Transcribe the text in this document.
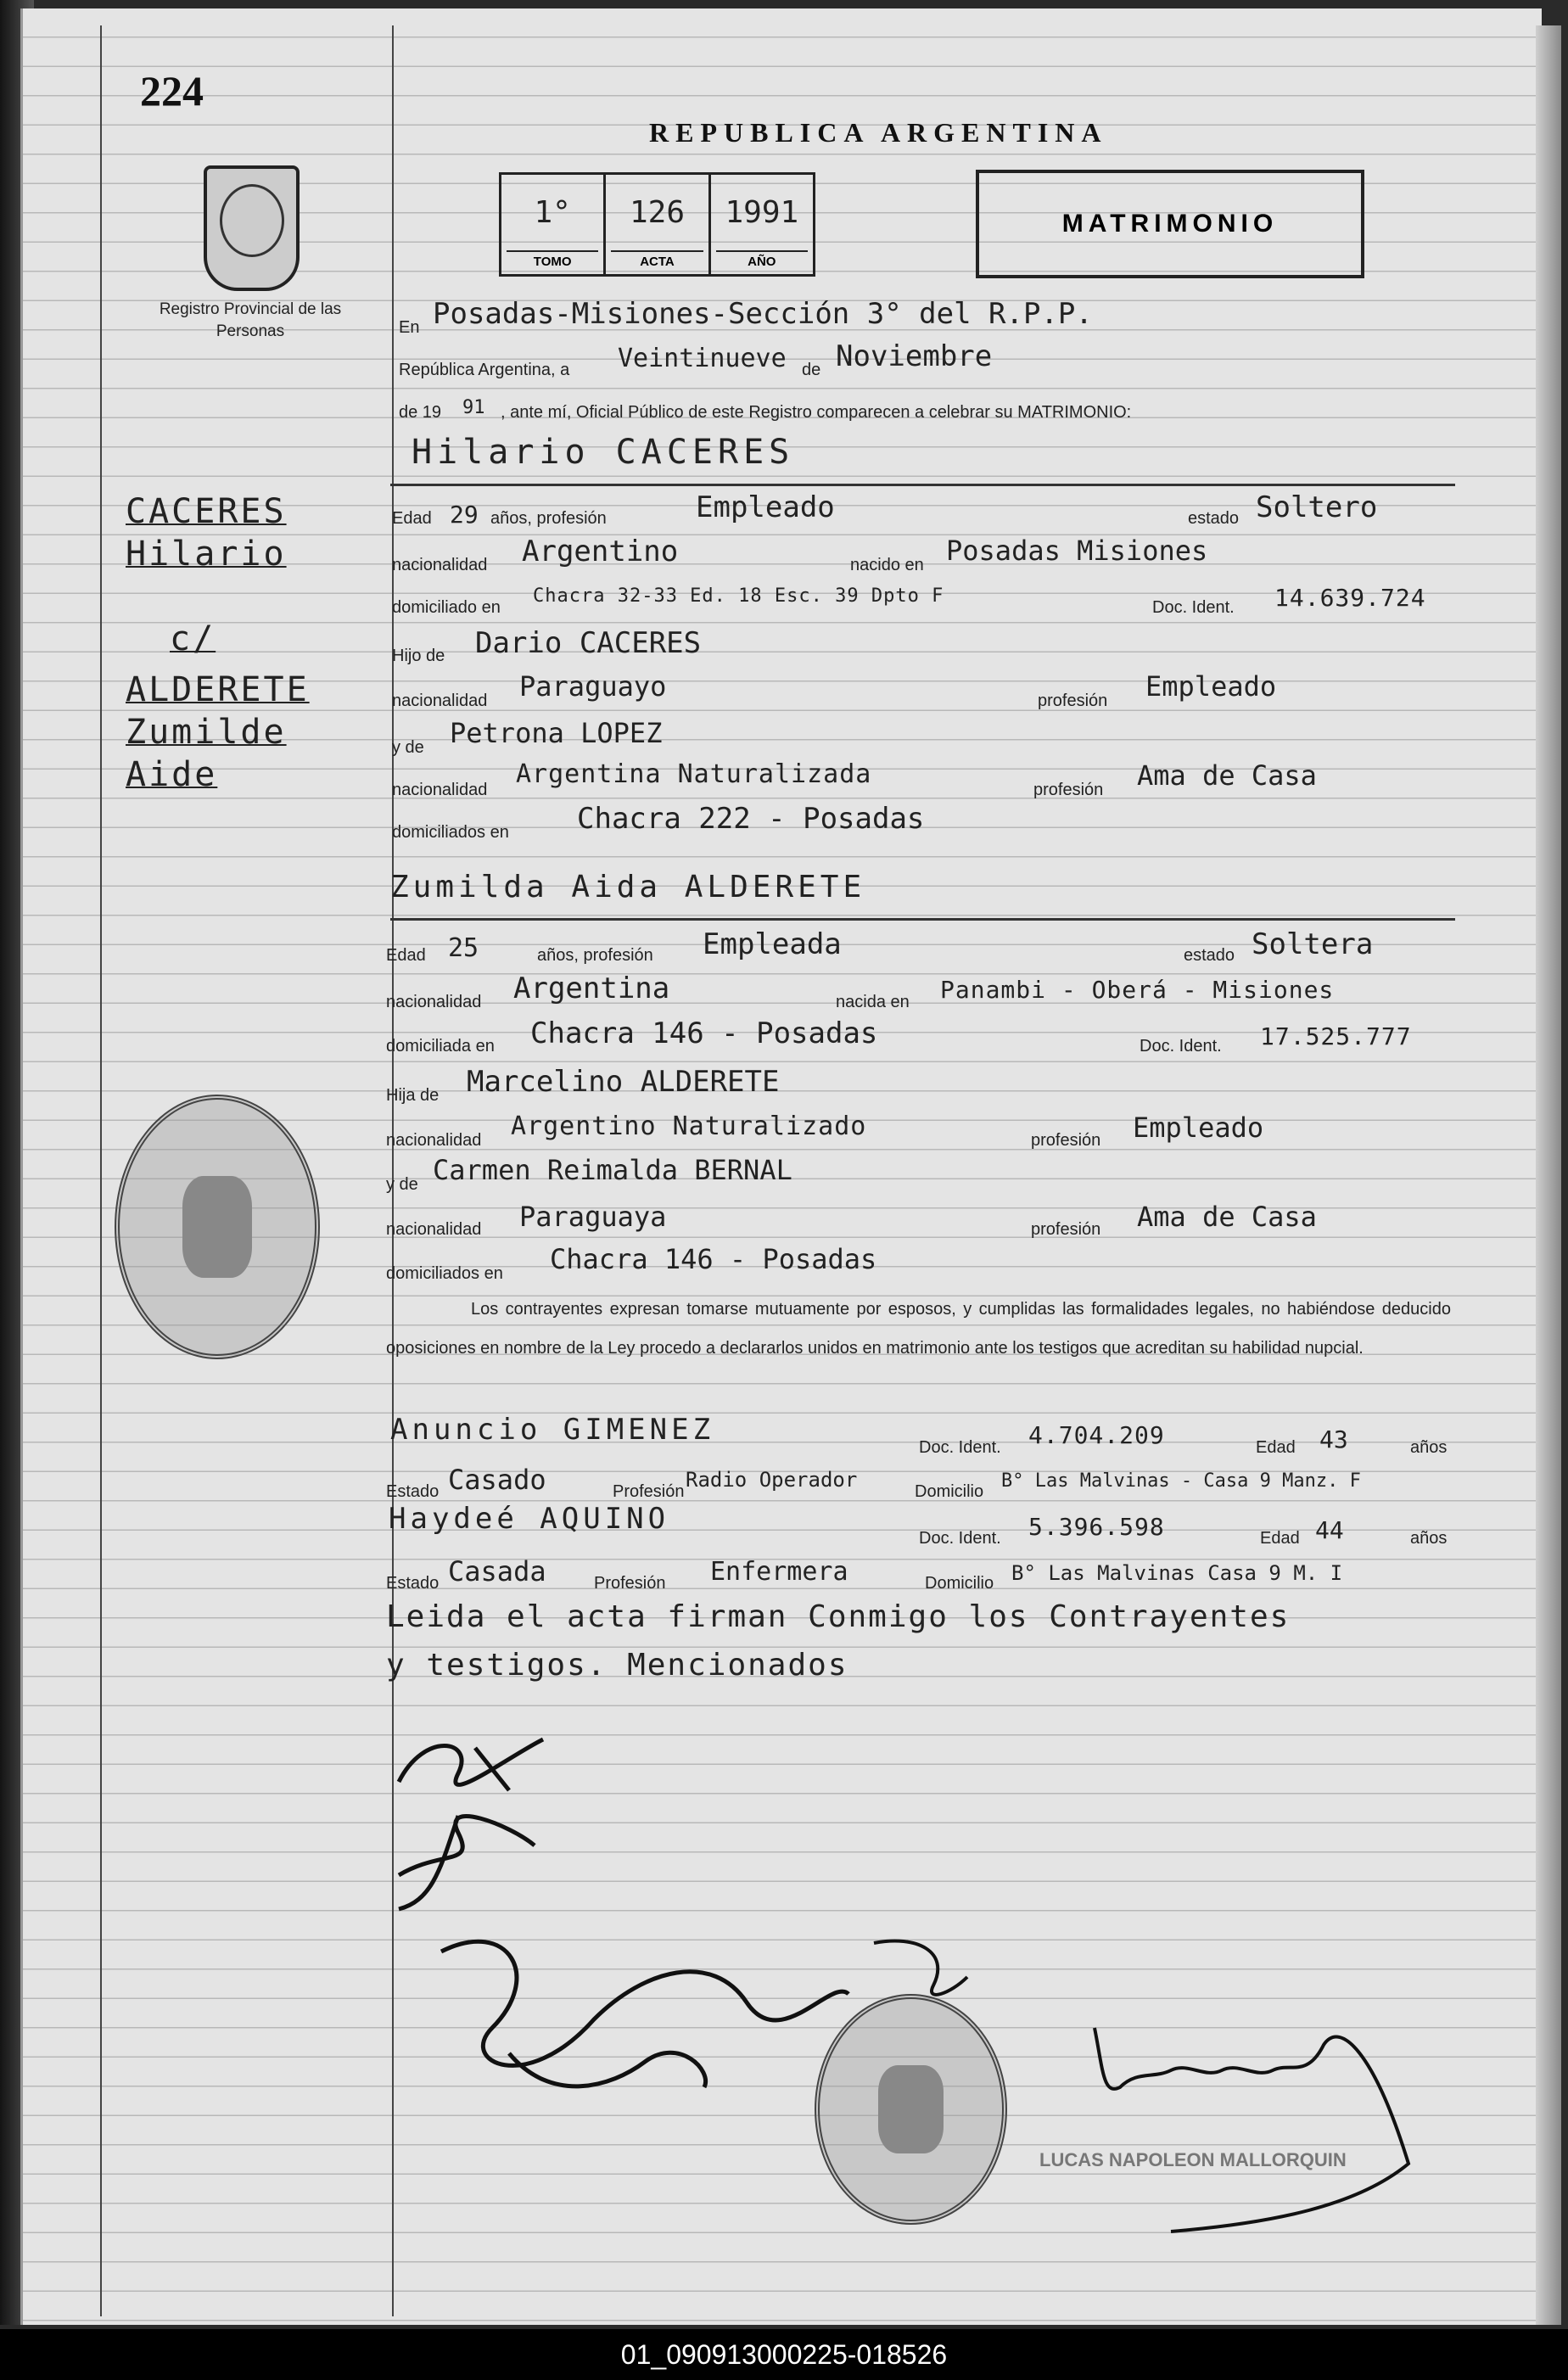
224
Registro Provincial de las Personas
CACERES
Hilario
c/
ALDERETE
Zumilde
Aide
REPUBLICA ARGENTINA
1°
TOMO
126
ACTA
1991
AÑO
MATRIMONIO
En Posadas-Misiones-Sección 3° del R.P.P.
República Argentina, a Veintinueve de Noviembre
de 19 91 , ante mí, Oficial Público de este Registro comparecen a celebrar su MATRIMONIO:
Hilario CACERES
Edad 29 años, profesión	Empleado	estado Soltero
nacionalidad Argentino	nacido en Posadas Misiones
domiciliado en
Chacra 32-33 Ed. 18 Esc. 39 Dpto F
Doc. Ident. 14.639.724
Hijo de Dario CACERES
nacionalidad Paraguayo	profesión Empleado
y de Petrona LOPEZ
nacionalidad
Argentina Naturalizada
profesión Ama de Casa
domiciliados en Chacra 222 - Posadas
Zumilda Aida ALDERETE
Edad 25	años, profesión Empleada	estado Soltera
nacionalidad Argentina	nacida en Panambi - Oberá - Misiones
domiciliada en Chacra 146 - Posadas	Doc. Ident. 17.525.777
Hija de Marcelino ALDERETE
nacionalidad Argentino Naturalizado	profesión Empleado
y de Carmen Reimalda BERNAL
nacionalidad Paraguaya	profesión Ama de Casa
domiciliados en Chacra 146 - Posadas
Los contrayentes expresan tomarse mutuamente por esposos, y cumplidas las formalidades legales, no habiéndose deducido oposiciones en nombre de la Ley procedo a declararlos unidos en matrimonio ante los testigos que acreditan su habilidad nupcial.
Anuncio GIMENEZ
Doc. Ident. 4.704.209	Edad 43	años
Estado Casado	Profesión Radio Operador	Domicilio B° Las Malvinas - Casa 9 Manz. F
Haydeé AQUINO
Doc. Ident. 5.396.598	Edad 44	años
Estado Casada	Profesión Enfermera	Domicilio B° Las Malvinas Casa 9 M. I
Leida el acta firman Conmigo los Contrayentes
y testigos. Mencionados
LUCAS NAPOLEON MALLORQUIN
01_090913000225-018526
